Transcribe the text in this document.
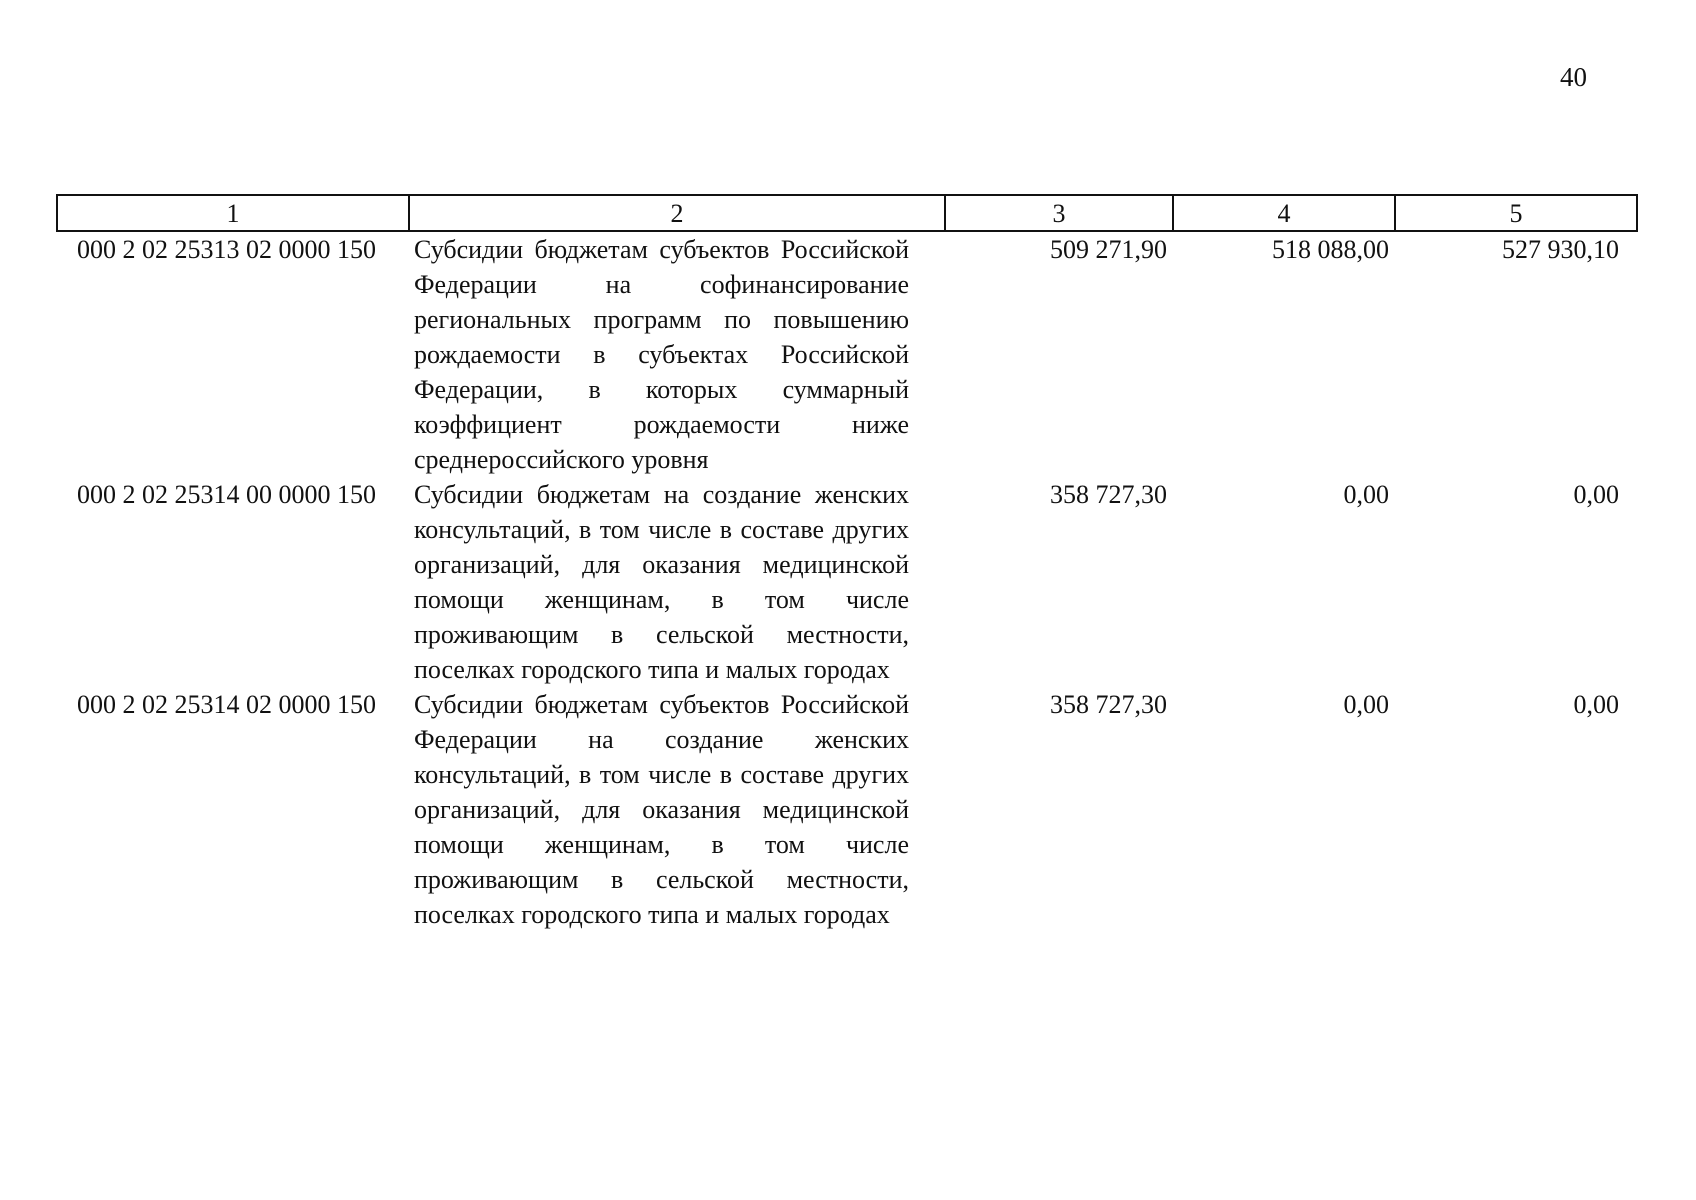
40
1	2	3	4	5
000 2 02 25313 02 0000 150	Субсидии бюджетам субъектов Российской Федерации на софинансирование региональных программ по повышению рождаемости в субъектах Российской Федерации, в которых суммарный коэффициент рождаемости ниже среднероссийского уровня	509 271,90	518 088,00	527 930,10
000 2 02 25314 00 0000 150	Субсидии бюджетам на создание женских консультаций, в том числе в составе других организаций, для оказания медицинской помощи женщинам, в том числе проживающим в сельской местности, поселках городского типа и малых городах	358 727,30	0,00	0,00
000 2 02 25314 02 0000 150	Субсидии бюджетам субъектов Российской Федерации на создание женских консультаций, в том числе в составе других организаций, для оказания медицинской помощи женщинам, в том числе проживающим в сельской местности, поселках городского типа и малых городах	358 727,30	0,00	0,00
